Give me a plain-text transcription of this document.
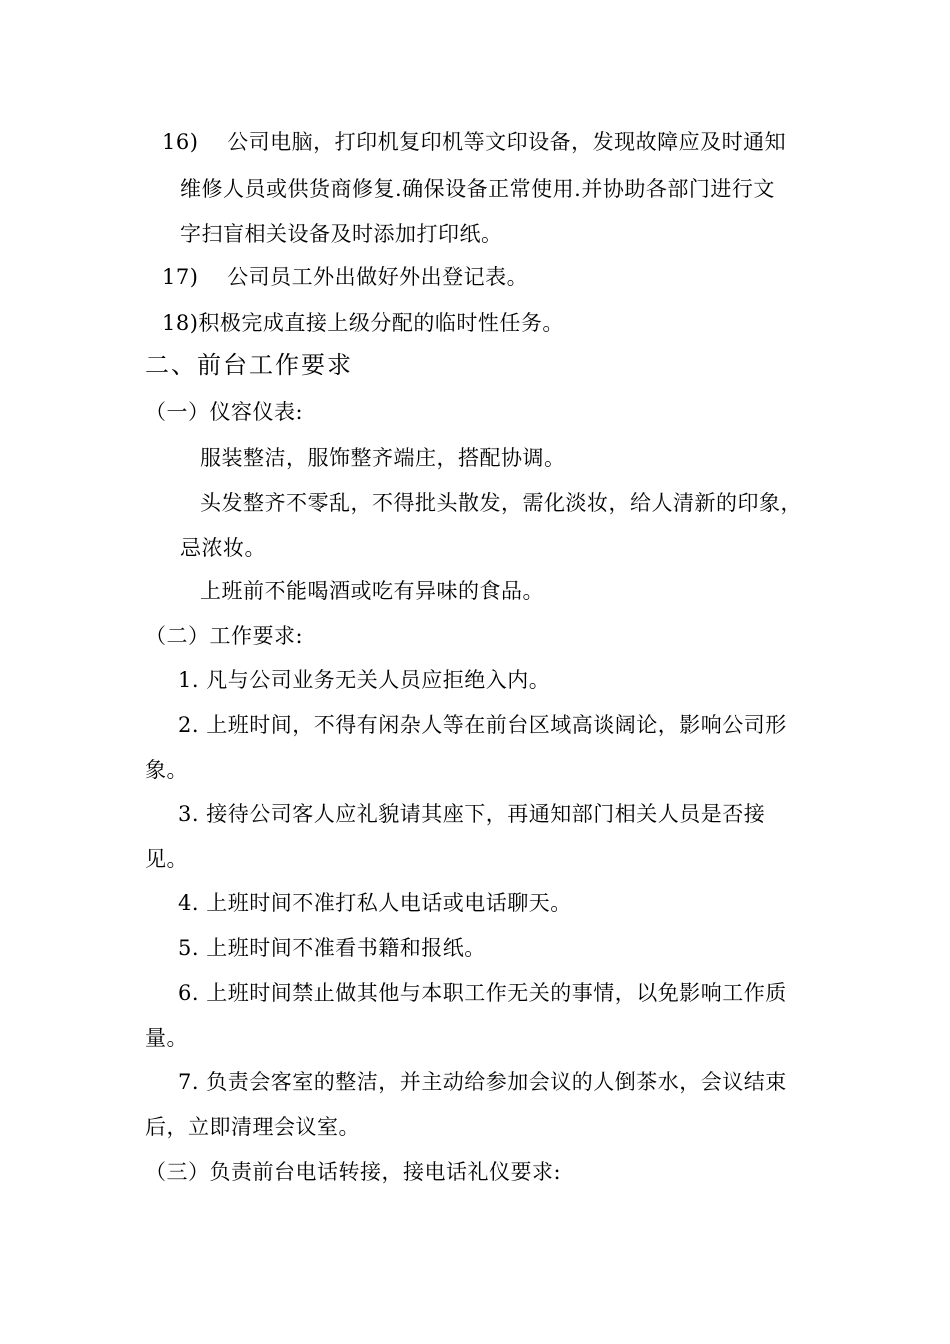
16)　 公司电脑，打印机复印机等文印设备，发现故障应及时通知
维修人员或供货商修复.确保设备正常使用.并协助各部门进行文
字扫盲相关设备及时添加打印纸。
17)　 公司员工外出做好外出登记表。
18)积极完成直接上级分配的临时性任务。
二、前台工作要求
（一）仪容仪表:
服装整洁，服饰整齐端庄，搭配协调。
头发整齐不零乱，不得批头散发，需化淡妆，给人清新的印象，
忌浓妆。
上班前不能喝酒或吃有异味的食品。
（二）工作要求:
1. 凡与公司业务无关人员应拒绝入内。
2. 上班时间，不得有闲杂人等在前台区域高谈阔论，影响公司形
象。
3. 接待公司客人应礼貌请其座下，再通知部门相关人员是否接
见。
4. 上班时间不准打私人电话或电话聊天。
5. 上班时间不准看书籍和报纸。
6. 上班时间禁止做其他与本职工作无关的事情，以免影响工作质
量。
7. 负责会客室的整洁，并主动给参加会议的人倒茶水，会议结束
后，立即清理会议室。
（三）负责前台电话转接，接电话礼仪要求:
